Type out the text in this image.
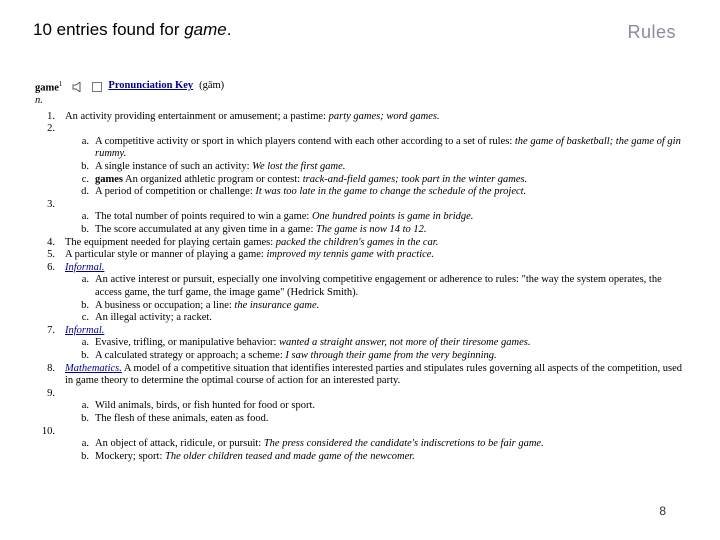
10 entries found for game.	Rules
game$^1$	Pronunciation Key (gām)
n.
1. An activity providing entertainment or amusement; a pastime: party games; word games.
2.

a. A competitive activity or sport in which players contend with each other according to a set of rules: the game of basketball; the game of gin rummy.
b. A single instance of such an activity: We lost the first game.
c. games An organized athletic program or contest: track-and-field games; took part in the winter games.
d. A period of competition or challenge: It was too late in the game to change the schedule of the project.
3.

a. The total number of points required to win a game: One hundred points is game in bridge.
b. The score accumulated at any given time in a game: The game is now 14 to 12.
4. The equipment needed for playing certain games: packed the children's games in the car.
5. A particular style or manner of playing a game: improved my tennis game with practice.
6. Informal.
a. An active interest or pursuit, especially one involving competitive engagement or adherence to rules: "the way the system operates, the access game, the turf game, the image game" (Hedrick Smith).
b. A business or occupation; a line: the insurance game.
c. An illegal activity; a racket.
7. Informal.
a. Evasive, trifling, or manipulative behavior: wanted a straight answer, not more of their tiresome games.
b. A calculated strategy or approach; a scheme: I saw through their game from the very beginning.
8. Mathematics. A model of a competitive situation that identifies interested parties and stipulates rules governing all aspects of the competition, used in game theory to determine the optimal course of action for an interested party.
9.

a. Wild animals, birds, or fish hunted for food or sport.
b. The flesh of these animals, eaten as food.
10.

a. An object of attack, ridicule, or pursuit: The press considered the candidate's indiscretions to be fair game.
b. Mockery; sport: The older children teased and made game of the newcomer.
8
